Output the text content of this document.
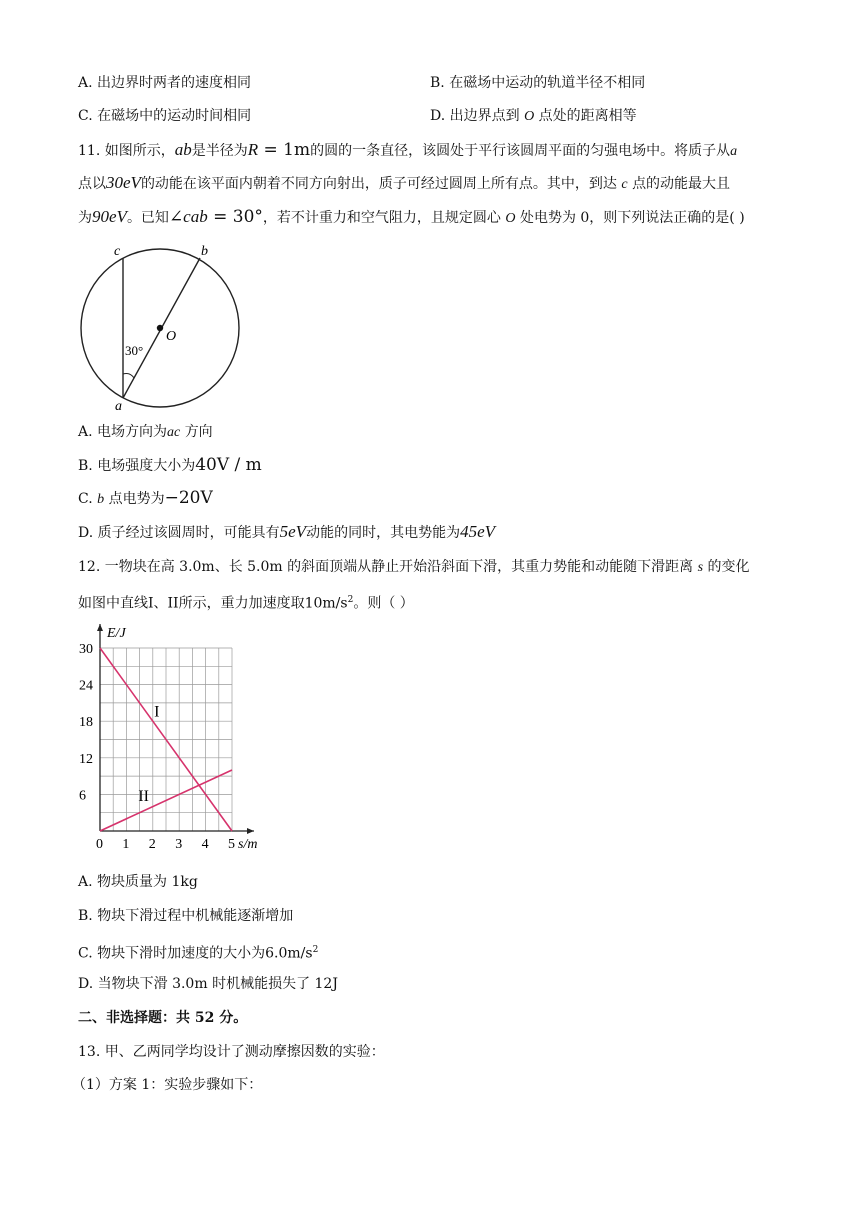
A. 出边界时两者的速度相同	B. 在磁场中运动的轨道半径不相同
C. 在磁场中的运动时间相同	D. 出边界点到 O 点处的距离相等
11. 如图所示，ab是半径为R = 1m的圆的一条直径，该圆处于平行该圆周平面的匀强电场中。将质子从a
点以30eV的动能在该平面内朝着不同方向射出，质子可经过圆周上所有点。其中，到达 c 点的动能最大且
为90eV。已知∠cab = 30°，若不计重力和空气阻力，且规定圆心 O 处电势为 0，则下列说法正确的是( )
c	b
O
a
30°
A. 电场方向为ac 方向
B. 电场强度大小为40V / m
C. b 点电势为−20V
D. 质子经过该圆周时，可能具有5eV动能的同时，其电势能为45eV
12. 一物块在高 3.0m、长 5.0m 的斜面顶端从静止开始沿斜面下滑，其重力势能和动能随下滑距离 s 的变化
如图中直线I、II所示，重力加速度取$10m/s^2$。则（ ）
0 1 2 3 4 5
6
12
18
24
30
s/m
E/J
I
II
A. 物块质量为 1kg
B. 物块下滑过程中机械能逐渐增加
C. 物块下滑时加速度的大小为$6.0m/s^2$
D. 当物块下滑 3.0m 时机械能损失了 12J
二、非选择题：共 52 分。
13. 甲、乙两同学均设计了测动摩擦因数的实验：
（1）方案 1：实验步骤如下：
